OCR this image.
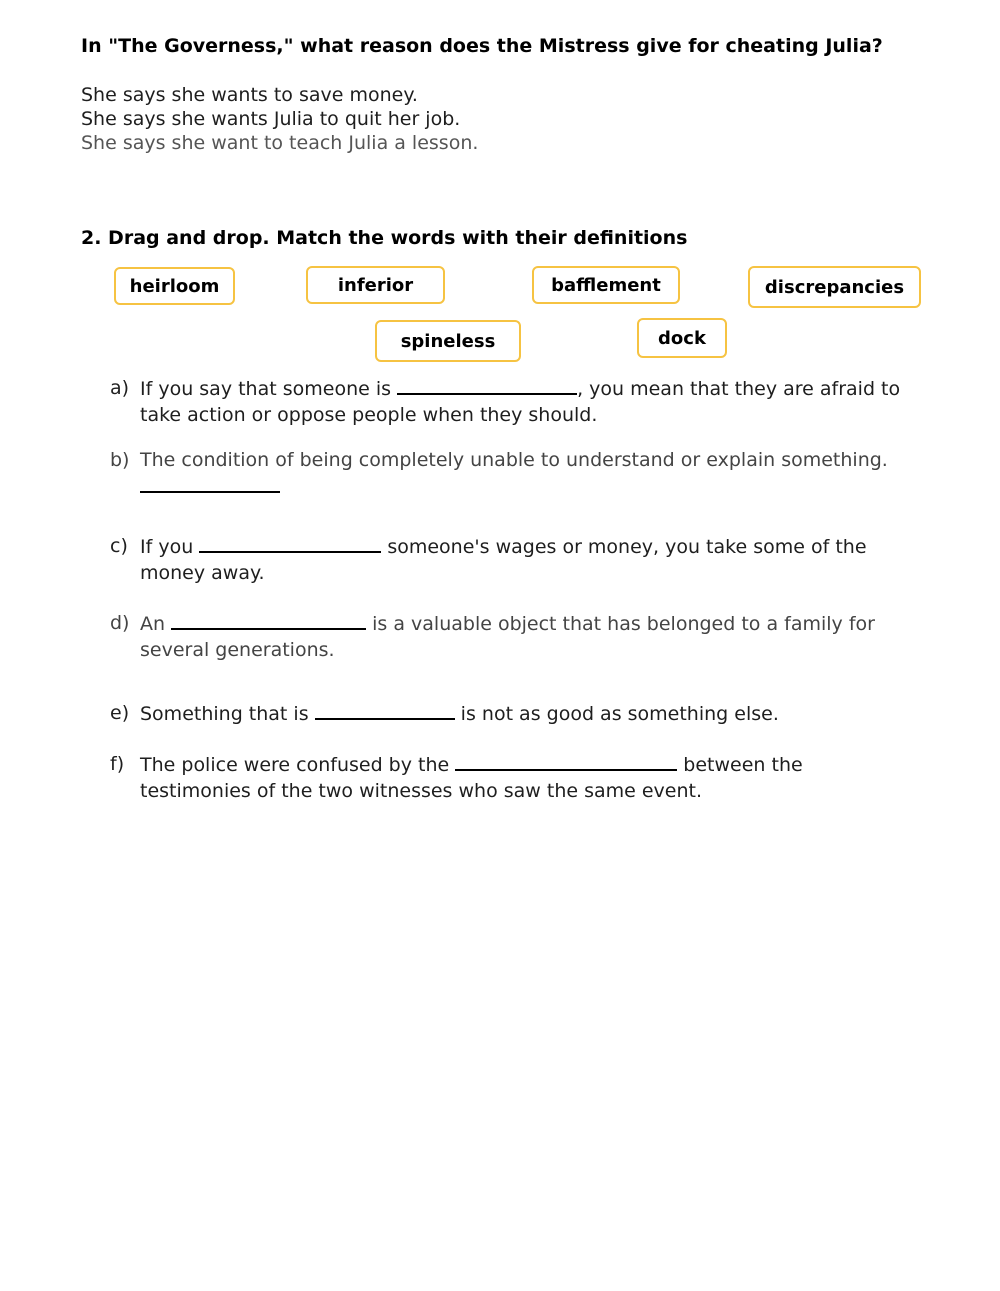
In "The Governess," what reason does the Mistress give for cheating Julia?
She says she wants to save money.
She says she wants Julia to quit her job.
She says she want to teach Julia a lesson.
2. Drag and drop. Match the words with their definitions
heirloom	inferior	bafflement	discrepancies
spineless	dock
a) If you say that someone is	, you mean that they are afraid to take action or oppose people when they should.
b) The condition of being completely unable to understand or explain something.
c) If you	someone's wages or money, you take some of the money away.
d) An	is a valuable object that has belonged to a family for several generations.
e) Something that is	is not as good as something else.
f) The police were confused by the	between the testimonies of the two witnesses who saw the same event.
